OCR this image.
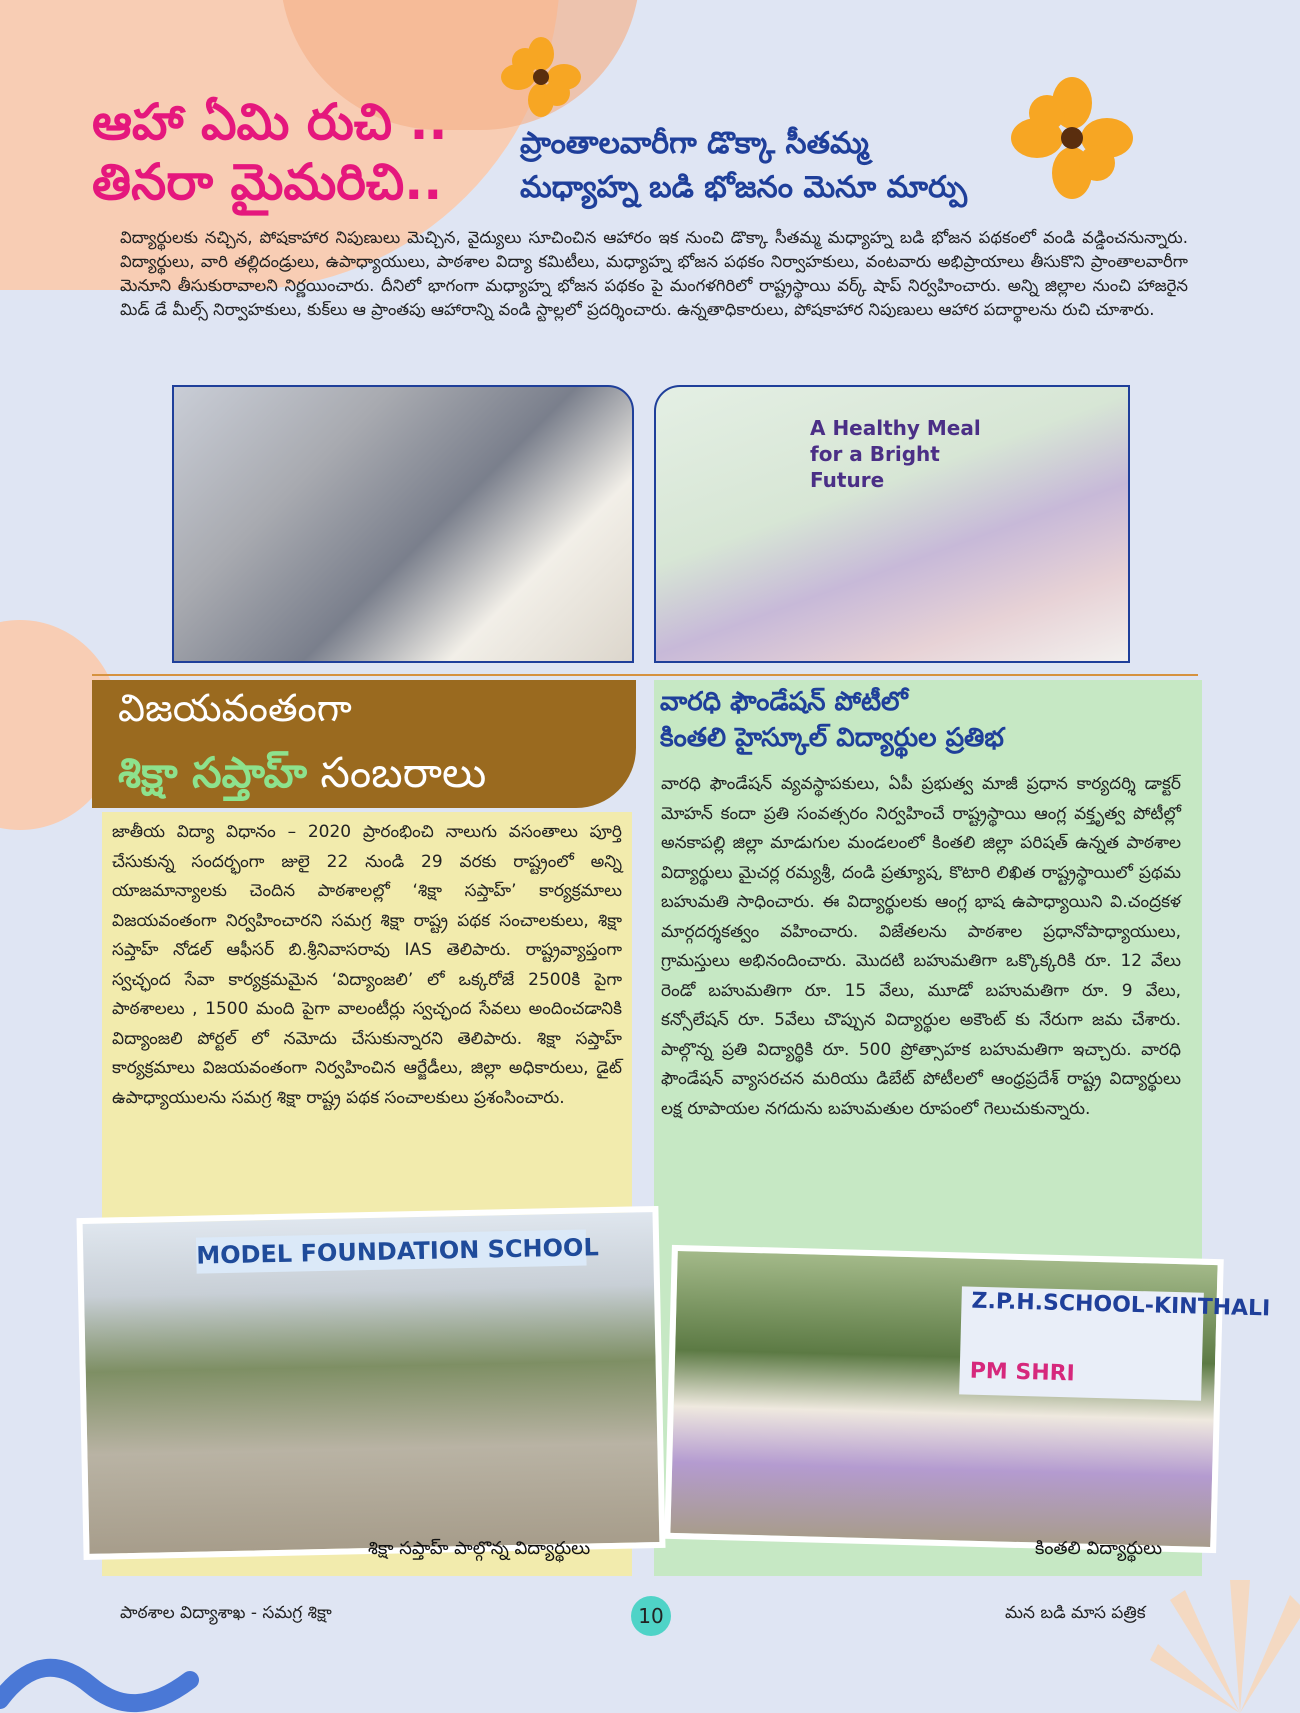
ఆహా ఏమి రుచి ..
తినరా మైమరిచి..
ప్రాంతాలవారీగా డొక్కా సీతమ్మ
మధ్యాహ్న బడి భోజనం మెనూ మార్పు
విద్యార్థులకు నచ్చిన, పోషకాహార నిపుణులు మెచ్చిన, వైద్యులు సూచించిన ఆహారం ఇక నుంచి డొక్కా సీతమ్మ మధ్యాహ్న బడి భోజన పథకంలో వండి వడ్డించనున్నారు. విద్యార్థులు, వారి తల్లిదండ్రులు, ఉపాధ్యాయులు, పాఠశాల విద్యా కమిటీలు, మధ్యాహ్న భోజన పథకం నిర్వాహకులు, వంటవారు అభిప్రాయాలు తీసుకొని ప్రాంతాలవారీగా మెనూని తీసుకురావాలని నిర్ణయించారు. దీనిలో భాగంగా మధ్యాహ్న భోజన పథకం పై మంగళగిరిలో రాష్ట్రస్థాయి వర్క్ షాప్ నిర్వహించారు. అన్ని జిల్లాల నుంచి హాజరైన మిడ్ డే మీల్స్ నిర్వాహకులు, కుక్‌లు ఆ ప్రాంతపు ఆహారాన్ని వండి స్టాల్లలో ప్రదర్శించారు. ఉన్నతాధికారులు, పోషకాహార నిపుణులు ఆహార పదార్థాలను రుచి చూశారు.
A Healthy Meal for a Bright Future
విజయవంతంగా
శిక్షా సప్తాహ్ సంబరాలు
జాతీయ విద్యా విధానం – 2020 ప్రారంభించి నాలుగు వసంతాలు పూర్తి చేసుకున్న సందర్భంగా జులై 22 నుండి 29 వరకు రాష్ట్రంలో అన్ని యాజమాన్యాలకు చెందిన పాఠశాలల్లో ‘శిక్షా సప్తాహ్’ కార్యక్రమాలు విజయవంతంగా నిర్వహించారని సమగ్ర శిక్షా రాష్ట్ర పథక సంచాలకులు, శిక్షా సప్తాహ్ నోడల్ ఆఫీసర్ బి.శ్రీనివాసరావు IAS తెలిపారు. రాష్ట్రవ్యాప్తంగా స్వచ్ఛంద సేవా కార్యక్రమమైన ‘విద్యాంజలి’ లో ఒక్కరోజే 2500కి పైగా పాఠశాలలు , 1500 మంది పైగా వాలంటీర్లు స్వచ్ఛంద సేవలు అందించడానికి విద్యాంజలి పోర్టల్ లో నమోదు చేసుకున్నారని తెలిపారు. శిక్షా సప్తాహ్ కార్యక్రమాలు విజయవంతంగా నిర్వహించిన ఆర్జేడీలు, జిల్లా అధికారులు, డైట్ ఉపాధ్యాయులను సమగ్ర శిక్షా రాష్ట్ర పథక సంచాలకులు ప్రశంసించారు.
వారధి ఫౌండేషన్ పోటీలో
కింతలి హైస్కూల్ విద్యార్థుల ప్రతిభ
వారధి ఫౌండేషన్ వ్యవస్థాపకులు, ఏపీ ప్రభుత్వ మాజీ ప్రధాన కార్యదర్శి డాక్టర్ మోహన్ కందా ప్రతి సంవత్సరం నిర్వహించే రాష్ట్రస్థాయి ఆంగ్ల వక్తృత్వ పోటీల్లో అనకాపల్లి జిల్లా మాడుగుల మండలంలో కింతలి జిల్లా పరిషత్ ఉన్నత పాఠశాల విద్యార్థులు మైచర్ల రమ్యశ్రీ, దండి ప్రత్యూష, కొటారి లిఖిత రాష్ట్రస్థాయిలో ప్రథమ బహుమతి సాధించారు. ఈ విద్యార్థులకు ఆంగ్ల భాష ఉపాధ్యాయిని వి.చంద్రకళ మార్గదర్శకత్వం వహించారు. విజేతలను పాఠశాల ప్రధానోపాధ్యాయులు, గ్రామస్తులు అభినందించారు. మొదటి బహుమతిగా ఒక్కొక్కరికి రూ. 12 వేలు రెండో బహుమతిగా రూ. 15 వేలు, మూడో బహుమతిగా రూ. 9 వేలు, కన్సోలేషన్ రూ. 5వేలు చొప్పున విద్యార్థుల అకౌంట్ కు నేరుగా జమ చేశారు. పాల్గొన్న ప్రతి విద్యార్థికి రూ. 500 ప్రోత్సాహక బహుమతిగా ఇచ్చారు. వారధి ఫౌండేషన్ వ్యాసరచన మరియు డిబేట్ పోటీలలో ఆంధ్రప్రదేశ్ రాష్ట్ర విద్యార్థులు లక్ష రూపాయల నగదును బహుమతుల రూపంలో గెలుచుకున్నారు.
MODEL FOUNDATION SCHOOL
శిక్షా సప్తాహ్ పాల్గొన్న విద్యార్థులు
Z.P.H.SCHOOL-KINTHALI
PM SHRI
కింతలి విద్యార్థులు
పాఠశాల విద్యాశాఖ - సమగ్ర శిక్షా	10	మన బడి మాస పత్రిక
